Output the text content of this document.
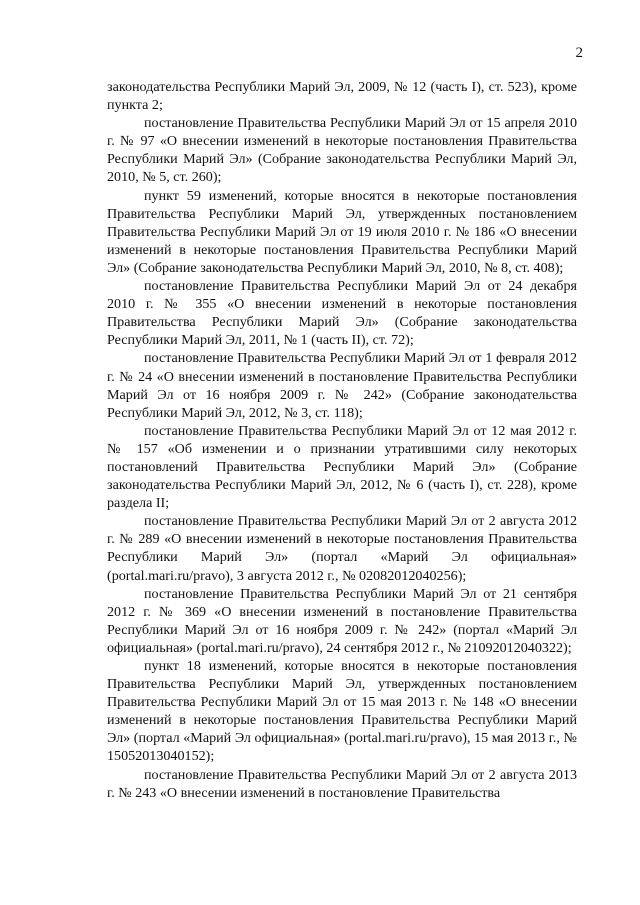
2

законодательства Республики Марий Эл, 2009, № 12 (часть I), ст. 523), кроме пункта 2;

постановление Правительства Республики Марий Эл от 15 апреля 2010 г. № 97 «О внесении изменений в некоторые постановления Правительства Республики Марий Эл» (Собрание законодательства Республики Марий Эл, 2010, № 5, ст. 260);

пункт 59 изменений, которые вносятся в некоторые постановления Правительства Республики Марий Эл, утвержденных постановлением Правительства Республики Марий Эл от 19 июля 2010 г. № 186 «О внесении изменений в некоторые постановления Правительства Республики Марий Эл» (Собрание законодательства Республики Марий Эл, 2010, № 8, ст. 408);

постановление Правительства Республики Марий Эл от 24 декабря 2010 г. № 355 «О внесении изменений в некоторые постановления Правительства Республики Марий Эл» (Собрание законодательства Республики Марий Эл, 2011, № 1 (часть II), ст. 72);

постановление Правительства Республики Марий Эл от 1 февраля 2012 г. № 24 «О внесении изменений в постановление Правительства Республики Марий Эл от 16 ноября 2009 г. № 242» (Собрание законодательства Республики Марий Эл, 2012, № 3, ст. 118);

постановление Правительства Республики Марий Эл от 12 мая 2012 г. № 157 «Об изменении и о признании утратившими силу некоторых постановлений Правительства Республики Марий Эл» (Собрание законодательства Республики Марий Эл, 2012, № 6 (часть I), ст. 228), кроме раздела II;

постановление Правительства Республики Марий Эл от 2 августа 2012 г. № 289 «О внесении изменений в некоторые постановления Правительства Республики Марий Эл» (портал «Марий Эл официальная» (portal.mari.ru/pravo), 3 августа 2012 г., № 02082012040256);

постановление Правительства Республики Марий Эл от 21 сентября 2012 г. № 369 «О внесении изменений в постановление Правительства Республики Марий Эл от 16 ноября 2009 г. № 242» (портал «Марий Эл официальная» (portal.mari.ru/pravo), 24 сентября 2012 г., № 21092012040322);

пункт 18 изменений, которые вносятся в некоторые постановления Правительства Республики Марий Эл, утвержденных постановлением Правительства Республики Марий Эл от 15 мая 2013 г. № 148 «О внесении изменений в некоторые постановления Правительства Республики Марий Эл» (портал «Марий Эл официальная» (portal.mari.ru/pravo), 15 мая 2013 г., № 15052013040152);

постановление Правительства Республики Марий Эл от 2 августа 2013 г. № 243 «О внесении изменений в постановление Правительства
